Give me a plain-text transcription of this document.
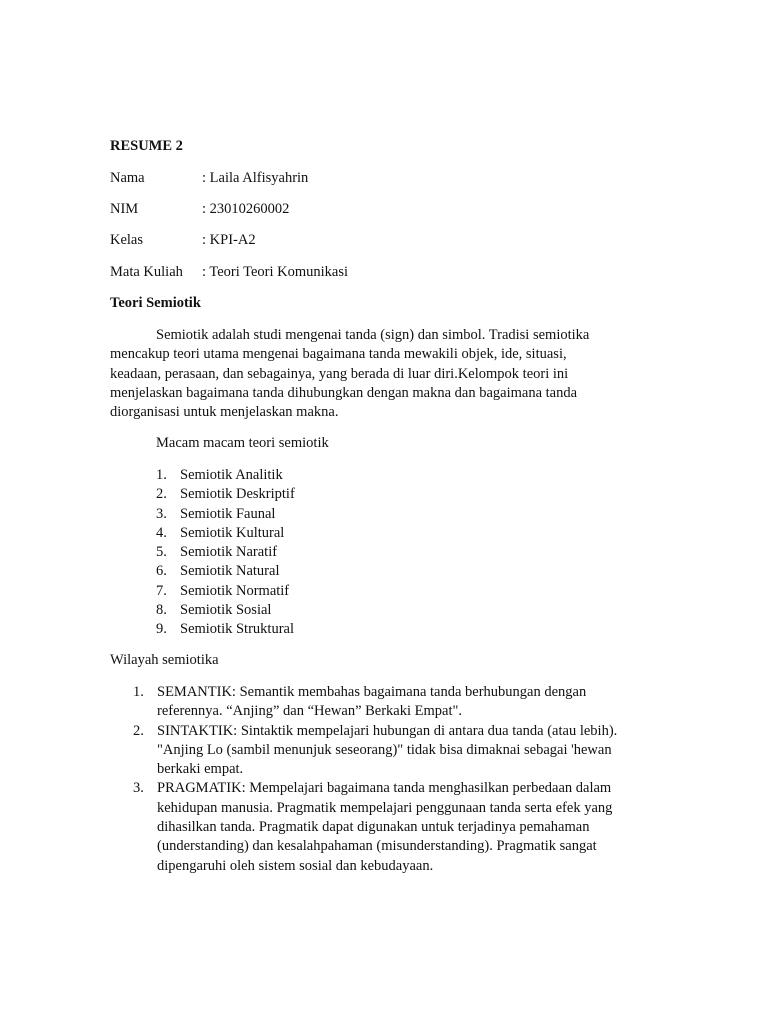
RESUME 2
Nama	: Laila Alfisyahrin
NIM	: 23010260002
Kelas	: KPI-A2
Mata Kuliah : Teori Teori Komunikasi
Teori Semiotik
Semiotik adalah studi mengenai tanda (sign) dan simbol. Tradisi semiotika mencakup teori utama mengenai bagaimana tanda mewakili objek, ide, situasi, keadaan, perasaan, dan sebagainya, yang berada di luar diri.Kelompok teori ini menjelaskan bagaimana tanda dihubungkan dengan makna dan bagaimana tanda diorganisasi untuk menjelaskan makna.
Macam macam teori semiotik
1. Semiotik Analitik
2. Semiotik Deskriptif
3. Semiotik Faunal
4. Semiotik Kultural
5. Semiotik Naratif
6. Semiotik Natural
7. Semiotik Normatif
8. Semiotik Sosial
9. Semiotik Struktural
Wilayah semiotika
1. SEMANTIK: Semantik membahas bagaimana tanda berhubungan dengan referennya. “Anjing” dan “Hewan” Berkaki Empat".
2. SINTAKTIK: Sintaktik mempelajari hubungan di antara dua tanda (atau lebih). "Anjing Lo (sambil menunjuk seseorang)" tidak bisa dimaknai sebagai 'hewan berkaki empat.
3. PRAGMATIK: Mempelajari bagaimana tanda menghasilkan perbedaan dalam kehidupan manusia. Pragmatik mempelajari penggunaan tanda serta efek yang dihasilkan tanda. Pragmatik dapat digunakan untuk terjadinya pemahaman (understanding) dan kesalahpahaman (misunderstanding). Pragmatik sangat dipengaruhi oleh sistem sosial dan kebudayaan.
